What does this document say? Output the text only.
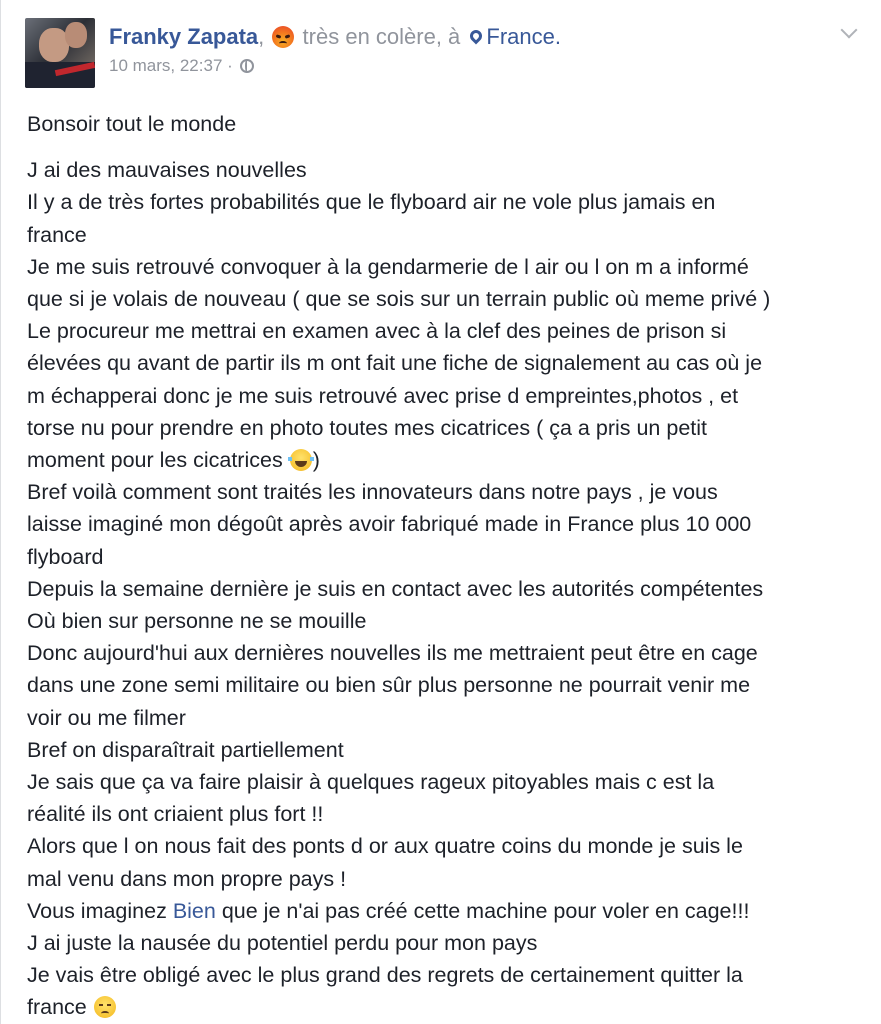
Franky Zapata, très en colère, à France.
10 mars, 22:37 ·

Bonsoir tout le monde

J ai des mauvaises nouvelles

Il y a de très fortes probabilités que le flyboard air ne vole plus jamais en

france

Je me suis retrouvé convoquer à la gendarmerie de l air ou l on m a informé

que si je volais de nouveau ( que se sois sur un terrain public où meme privé )

Le procureur me mettrai en examen avec à la clef des peines de prison si

élevées qu avant de partir ils m ont fait une fiche de signalement au cas où je

m échapperai donc je me suis retrouvé avec prise d empreintes,photos , et

torse nu pour prendre en photo toutes mes cicatrices ( ça a pris un petit

moment pour les cicatrices )

Bref voilà comment sont traités les innovateurs dans notre pays , je vous

laisse imaginé mon dégoût après avoir fabriqué made in France plus 10 000

flyboard

Depuis la semaine dernière je suis en contact avec les autorités compétentes

Où bien sur personne ne se mouille

Donc aujourd'hui aux dernières nouvelles ils me mettraient peut être en cage

dans une zone semi militaire ou bien sûr plus personne ne pourrait venir me

voir ou me filmer

Bref on disparaîtrait partiellement

Je sais que ça va faire plaisir à quelques rageux pitoyables mais c est la

réalité ils ont criaient plus fort !!

Alors que l on nous fait des ponts d or aux quatre coins du monde je suis le

mal venu dans mon propre pays !

Vous imaginez Bien que je n'ai pas créé cette machine pour voler en cage!!!

J ai juste la nausée du potentiel perdu pour mon pays

Je vais être obligé avec le plus grand des regrets de certainement quitter la

france
